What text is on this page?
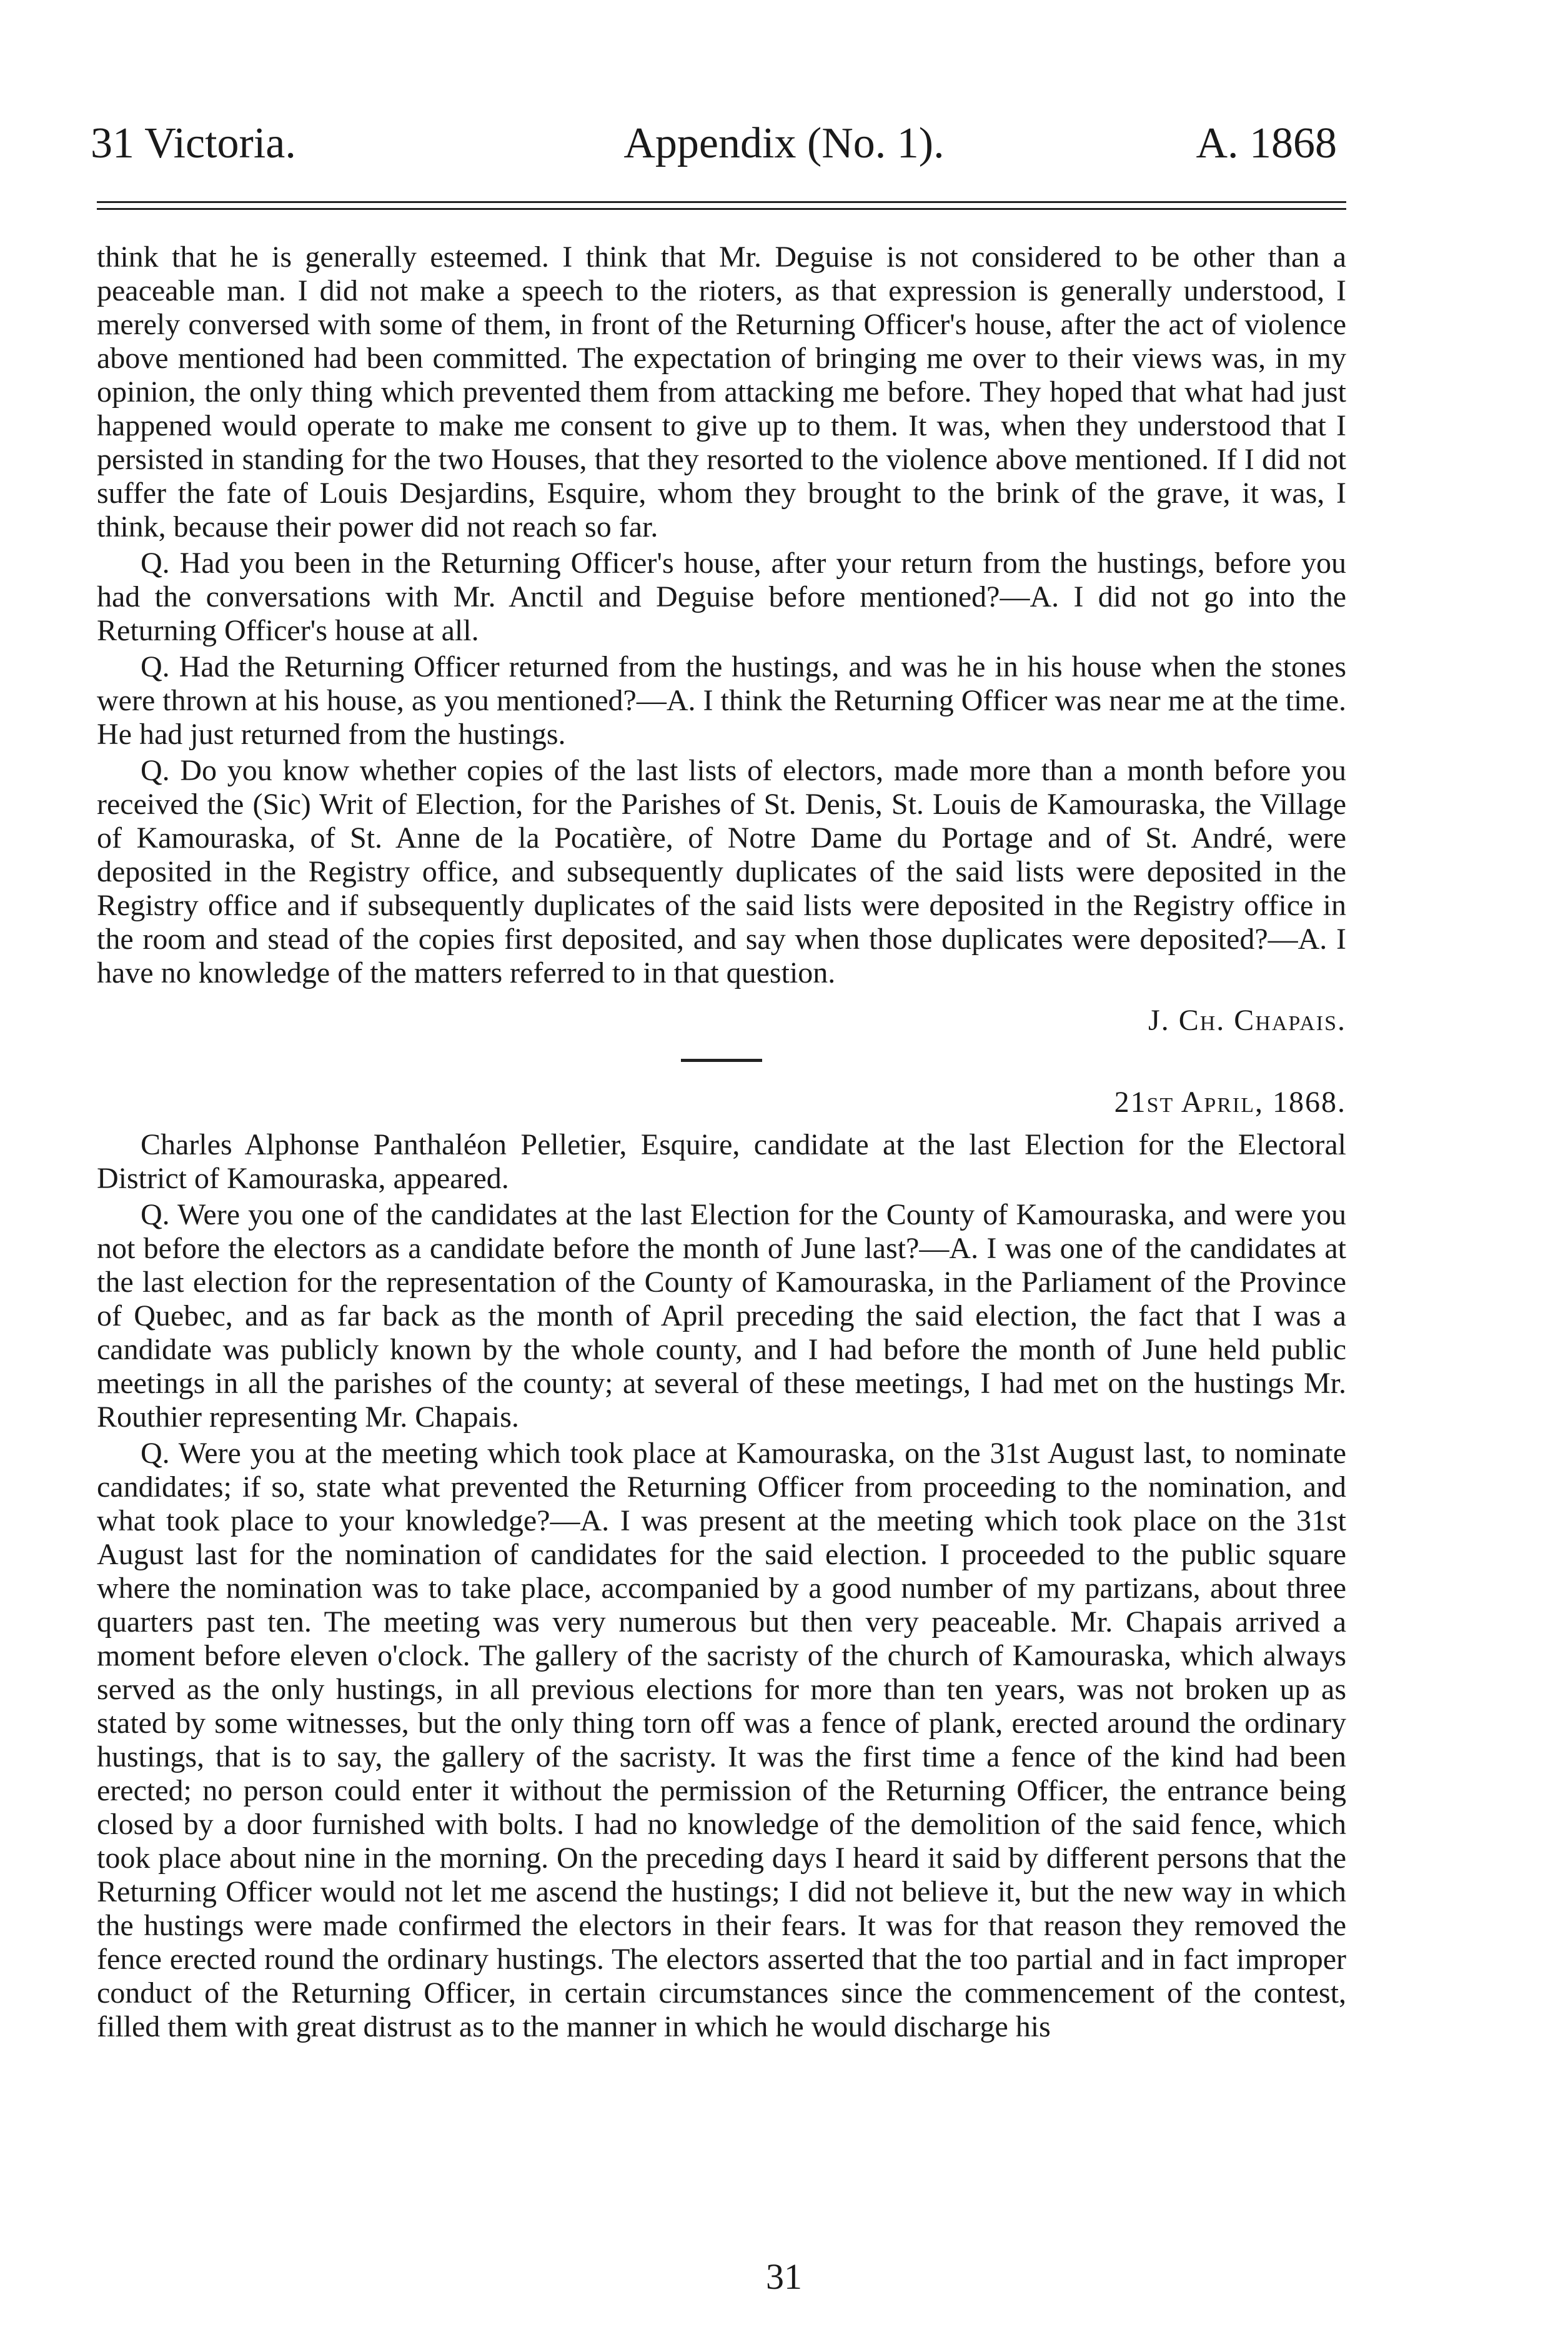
31 Victoria.	Appendix (No. 1).	A. 1868

think that he is generally esteemed. I think that Mr. Deguise is not considered to be other than a peaceable man. I did not make a speech to the rioters, as that expression is generally understood, I merely conversed with some of them, in front of the Returning Officer's house, after the act of violence above mentioned had been committed. The expectation of bringing me over to their views was, in my opinion, the only thing which prevented them from attacking me before. They hoped that what had just happened would operate to make me consent to give up to them. It was, when they understood that I persisted in standing for the two Houses, that they resorted to the violence above mentioned. If I did not suffer the fate of Louis Desjardins, Esquire, whom they brought to the brink of the grave, it was, I think, because their power did not reach so far.

Q. Had you been in the Returning Officer's house, after your return from the hustings, before you had the conversations with Mr. Anctil and Deguise before mentioned?—A. I did not go into the Returning Officer's house at all.

Q. Had the Returning Officer returned from the hustings, and was he in his house when the stones were thrown at his house, as you mentioned?—A. I think the Returning Officer was near me at the time. He had just returned from the hustings.

Q. Do you know whether copies of the last lists of electors, made more than a month before you received the (Sic) Writ of Election, for the Parishes of St. Denis, St. Louis de Kamouraska, the Village of Kamouraska, of St. Anne de la Pocatière, of Notre Dame du Portage and of St. André, were deposited in the Registry office, and subsequently duplicates of the said lists were deposited in the Registry office and if subsequently duplicates of the said lists were deposited in the Registry office in the room and stead of the copies first deposited, and say when those duplicates were deposited?—A. I have no knowledge of the matters referred to in that question.

J. Ch. Chapais.
21st April, 1868.

Charles Alphonse Panthaléon Pelletier, Esquire, candidate at the last Election for the Electoral District of Kamouraska, appeared.

Q. Were you one of the candidates at the last Election for the County of Kamouraska, and were you not before the electors as a candidate before the month of June last?—A. I was one of the candidates at the last election for the representation of the County of Kamouraska, in the Parliament of the Province of Quebec, and as far back as the month of April preceding the said election, the fact that I was a candidate was publicly known by the whole county, and I had before the month of June held public meetings in all the parishes of the county; at several of these meetings, I had met on the hustings Mr. Routhier representing Mr. Chapais.

Q. Were you at the meeting which took place at Kamouraska, on the 31st August last, to nominate candidates; if so, state what prevented the Returning Officer from proceeding to the nomination, and what took place to your knowledge?—A. I was present at the meeting which took place on the 31st August last for the nomination of candidates for the said election. I proceeded to the public square where the nomination was to take place, accompanied by a good number of my partizans, about three quarters past ten. The meeting was very numerous but then very peaceable. Mr. Chapais arrived a moment before eleven o'clock. The gallery of the sacristy of the church of Kamouraska, which always served as the only hustings, in all previous elections for more than ten years, was not broken up as stated by some witnesses, but the only thing torn off was a fence of plank, erected around the ordinary hustings, that is to say, the gallery of the sacristy. It was the first time a fence of the kind had been erected; no person could enter it without the permission of the Returning Officer, the entrance being closed by a door furnished with bolts. I had no knowledge of the demolition of the said fence, which took place about nine in the morning. On the preceding days I heard it said by different persons that the Returning Officer would not let me ascend the hustings; I did not believe it, but the new way in which the hustings were made confirmed the electors in their fears. It was for that reason they removed the fence erected round the ordinary hustings. The electors asserted that the too partial and in fact improper conduct of the Returning Officer, in certain circumstances since the commencement of the contest, filled them with great distrust as to the manner in which he would discharge his

31
